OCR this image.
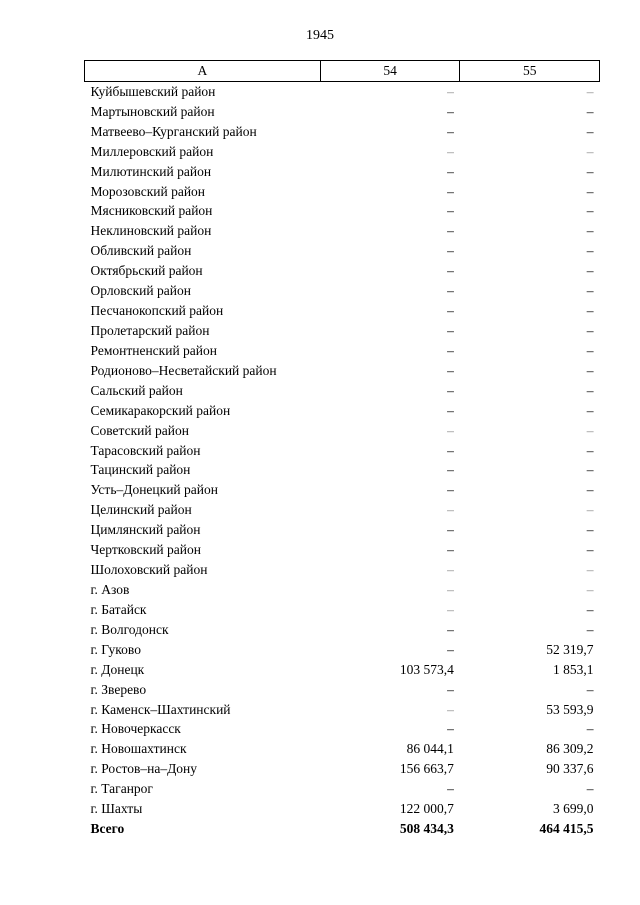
1945
A	54	55
Куйбышевский район	–	–
Мартыновский район	–	–
Матвеево–Курганский район	–	–
Миллеровский район	–	–
Милютинский район	–	–
Морозовский район	–	–
Мясниковский район	–	–
Неклиновский район	–	–
Обливский район	–	–
Октябрьский район	–	–
Орловский район	–	–
Песчанокопский район	–	–
Пролетарский район	–	–
Ремонтненский район	–	–
Родионово–Несветайский район	–	–
Сальский район	–	–
Семикаракорский район	–	–
Советский район	–	–
Тарасовский район	–	–
Тацинский район	–	–
Усть–Донецкий район	–	–
Целинский район	–	–
Цимлянский район	–	–
Чертковский район	–	–
Шолоховский район	–	–
г. Азов	–	–
г. Батайск	–	–
г. Волгодонск	–	–
г. Гуково	–	52 319,7
г. Донецк	103 573,4	1 853,1
г. Зверево	–	–
г. Каменск–Шахтинский	–	53 593,9
г. Новочеркасск	–	–
г. Новошахтинск	86 044,1	86 309,2
г. Ростов–на–Дону	156 663,7	90 337,6
г. Таганрог	–	–
г. Шахты	122 000,7	3 699,0
Всего	508 434,3	464 415,5
